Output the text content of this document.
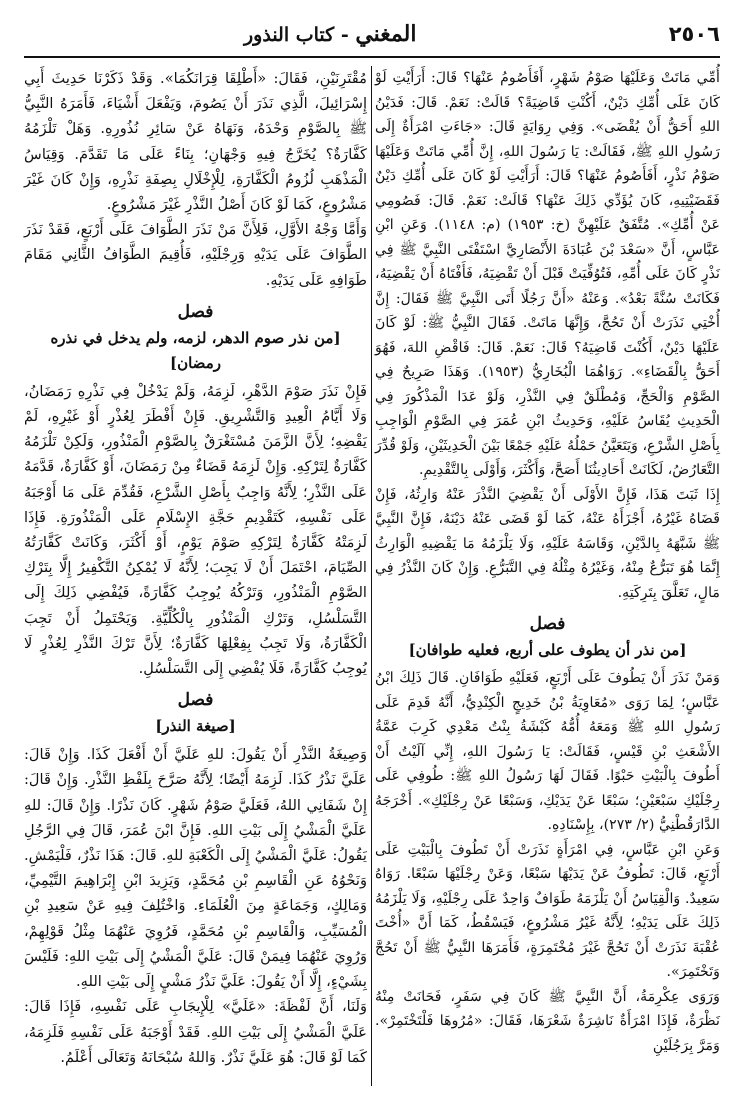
٢٥٠٦
المغني - كتاب النذور

أُمِّي مَاتَتْ وَعَلَيْهَا صَوْمُ شَهْرٍ، أَفَأَصُومُ عَنْهَا؟ قَالَ: أَرَأَيْتِ لَوْ كَانَ عَلَى أُمِّكِ دَيْنٌ، أَكُنْتِ قَاضِيَةً؟ قَالَتْ: نَعَمْ. قَالَ: فَدَيْنُ اللهِ أَحَقُّ أَنْ يُقْضَى». وَفِي رِوَايَةٍ قَالَ: «جَاءَتِ امْرَأَةٌ إِلَى رَسُولِ اللهِ ﷺ، فَقَالَتْ: يَا رَسُولَ اللهِ، إِنَّ أُمِّي مَاتَتْ وَعَلَيْهَا صَوْمُ نَذْرٍ، أَفَأَصُومُ عَنْهَا؟ قَالَ: أَرَأَيْتِ لَوْ كَانَ عَلَى أُمِّكِ دَيْنٌ فَقَضَيْتِيهِ، كَانَ يُؤَدِّي ذَلِكَ عَنْهَا؟ قَالَتْ: نَعَمْ. قَالَ: فَصُومِي عَنْ أُمِّكِ». مُتَّفَقٌ عَلَيْهِنَّ (خ: ١٩٥٣) (م: ١١٤٨). وَعَنِ ابْنِ عَبَّاسٍ، أَنَّ «سَعْدَ بْنَ عُبَادَةَ الأَنْصَارِيَّ اسْتَفْتَى النَّبِيَّ ﷺ فِي نَذْرٍ كَانَ عَلَى أُمِّهِ، فَتُوُفِّيَتْ قَبْلَ أَنْ تَقْضِيَهُ، فَأَفْتَاهُ أَنْ يَقْضِيَهُ، فَكَانَتْ سُنَّةً بَعْدُ». وَعَنْهُ «أَنَّ رَجُلًا أَتَى النَّبِيَّ ﷺ فَقَالَ: إِنَّ أُخْتِي نَذَرَتْ أَنْ تَحُجَّ، وَإِنَّهَا مَاتَتْ. فَقَالَ النَّبِيُّ ﷺ: لَوْ كَانَ عَلَيْهَا دَيْنٌ، أَكُنْتَ قَاضِيَهُ؟ قَالَ: نَعَمْ. قَالَ: فَاقْضِ اللهَ، فَهُوَ أَحَقُّ بِالْقَضَاءِ». رَوَاهُمَا الْبُخَارِيُّ (١٩٥٣). وَهَذَا صَرِيحٌ فِي الصَّوْمِ وَالْحَجِّ، وَمُطْلَقٌ فِي النَّذْرِ، وَلَوْ عَدَا الْمَذْكُورَ فِي الْحَدِيثِ يُقَاسُ عَلَيْهِ، وَحَدِيثُ ابْنِ عُمَرَ فِي الصَّوْمِ الْوَاجِبِ بِأَصْلِ الشَّرْعِ، وَيَتَعَيَّنُ حَمْلُهُ عَلَيْهِ جَمْعًا بَيْنَ الْحَدِيثَيْنِ، وَلَوْ قُدِّرَ التَّعَارُضُ، لَكَانَتْ أَحَادِيثُنَا أَصَحَّ، وَأَكْثَرَ، وَأَوْلَى بِالتَّقْدِيمِ.

إِذَا ثَبَتَ هَذَا، فَإِنَّ الأَوْلَى أَنْ يَقْضِيَ النَّذْرَ عَنْهُ وَارِثُهُ، فَإِنْ قَضَاهُ غَيْرُهُ، أَجْزَأَهُ عَنْهُ، كَمَا لَوْ قَضَى عَنْهُ دَيْنَهُ، فَإِنَّ النَّبِيَّ ﷺ شَبَّهَهُ بِالدَّيْنِ، وَقَاسَهُ عَلَيْهِ، وَلَا يَلْزَمُهُ مَا يَقْضِيهِ الْوَارِثُ إِنَّمَا هُوَ تَبَرُّعٌ مِنْهُ، وَغَيْرُهُ مِثْلُهُ فِي التَّبَرُّعِ. وَإِنْ كَانَ النَّذْرُ فِي مَالٍ، تَعَلَّقَ بِتَرِكَتِهِ.

فصل
[من نذر أن يطوف على أربع، فعليه طوافان]

وَمَنْ نَذَرَ أَنْ يَطُوفَ عَلَى أَرْبَعٍ، فَعَلَيْهِ طَوَافَانِ. قَالَ ذَلِكَ ابْنُ عَبَّاسٍ؛ لِمَا رَوَى «مُعَاوِيَةُ بْنُ خَدِيجٍ الْكِنْدِيُّ، أَنَّهُ قَدِمَ عَلَى رَسُولِ اللهِ ﷺ وَمَعَهُ أُمُّهُ كَبْشَةُ بِنْتُ مَعْدِي كَرِبَ عَمَّةُ الأَشْعَثِ بْنِ قَيْسٍ، فَقَالَتْ: يَا رَسُولَ اللهِ، إِنِّي آلَيْتُ أَنْ أَطُوفَ بِالْبَيْتِ حَبْوًا. فَقَالَ لَهَا رَسُولُ اللهِ ﷺ: طُوفِي عَلَى رِجْلَيْكِ سَبْعَيْنِ؛ سَبْعًا عَنْ يَدَيْكِ، وَسَبْعًا عَنْ رِجْلَيْكِ». أَخْرَجَهُ الدَّارَقُطْنِيُّ (٢/ ٢٧٣)، بِإِسْنَادِهِ.

وَعَنِ ابْنِ عَبَّاسٍ، فِي امْرَأَةٍ نَذَرَتْ أَنْ تَطُوفَ بِالْبَيْتِ عَلَى أَرْبَعٍ، قَالَ: تَطُوفُ عَنْ يَدَيْهَا سَبْعًا، وَعَنْ رِجْلَيْهَا سَبْعًا. رَوَاهُ سَعِيدٌ. وَالْقِيَاسُ أَنْ يَلْزَمَهُ طَوَافٌ وَاحِدٌ عَلَى رِجْلَيْهِ، وَلَا يَلْزَمُهُ ذَلِكَ عَلَى يَدَيْهِ؛ لِأَنَّهُ غَيْرُ مَشْرُوعٍ، فَيَسْقُطُ، كَمَا أَنَّ «أُخْتَ عُقْبَةَ نَذَرَتْ أَنْ تَحُجَّ غَيْرَ مُخْتَمِرَةٍ، فَأَمَرَهَا النَّبِيُّ ﷺ أَنْ تَحُجَّ وَتَخْتَمِرَ».

وَرَوَى عِكْرِمَةُ، أَنَّ النَّبِيَّ ﷺ كَانَ فِي سَفَرٍ، فَحَانَتْ مِنْهُ نَظْرَةٌ، فَإِذَا امْرَأَةٌ نَاشِرَةٌ شَعْرَهَا، فَقَالَ: «مُرُوهَا فَلْتَخْتَمِرْ». وَمَرَّ بِرَجُلَيْنِ

مُقْتَرِنَيْنِ، فَقَالَ: «أَطْلِقَا قِرَانَكُمَا». وَقَدْ ذَكَرْنَا حَدِيثَ أَبِي إِسْرَائِيلَ، الَّذِي نَذَرَ أَنْ يَصُومَ، وَيَفْعَلَ أَشْيَاءَ، فَأَمَرَهُ النَّبِيُّ ﷺ بِالصَّوْمِ وَحْدَهُ، وَنَهَاهُ عَنْ سَائِرِ نُذُورِهِ. وَهَلْ تَلْزَمُهُ كَفَّارَةٌ؟ يُخَرَّجُ فِيهِ وَجْهَانِ؛ بِنَاءً عَلَى مَا تَقَدَّمَ. وَقِيَاسُ الْمَذْهَبِ لُزُومُ الْكَفَّارَةِ، لِلْإِخْلَالِ بِصِفَةِ نَذْرِهِ، وَإِنْ كَانَ غَيْرَ مَشْرُوعٍ، كَمَا لَوْ كَانَ أَصْلُ النَّذْرِ غَيْرَ مَشْرُوعٍ.

وَأَمَّا وَجْهُ الأَوَّلِ، فَلِأَنَّ مَنْ نَذَرَ الطَّوَافَ عَلَى أَرْبَعٍ، فَقَدْ نَذَرَ الطَّوَافَ عَلَى يَدَيْهِ وَرِجْلَيْهِ، فَأُقِيمَ الطَّوَافُ الثَّانِي مَقَامَ طَوَافِهِ عَلَى يَدَيْهِ.

فصل
[من نذر صوم الدهر، لزمه، ولم يدخل في نذره رمضان]

فَإِنْ نَذَرَ صَوْمَ الدَّهْرِ، لَزِمَهُ، وَلَمْ يَدْخُلْ فِي نَذْرِهِ رَمَضَانُ، وَلَا أَيَّامُ الْعِيدِ وَالتَّشْرِيقِ. فَإِنْ أَفْطَرَ لِعُذْرٍ أَوْ غَيْرِهِ، لَمْ يَقْضِهِ؛ لِأَنَّ الزَّمَنَ مُسْتَغْرَقٌ بِالصَّوْمِ الْمَنْذُورِ، وَلَكِنْ تَلْزَمُهُ كَفَّارَةٌ لِتَرْكِهِ. وَإِنْ لَزِمَهُ قَضَاءٌ مِنْ رَمَضَانَ، أَوْ كَفَّارَةٌ، قَدَّمَهُ عَلَى النَّذْرِ؛ لِأَنَّهُ وَاجِبٌ بِأَصْلِ الشَّرْعِ، فَقُدِّمَ عَلَى مَا أَوْجَبَهُ عَلَى نَفْسِهِ، كَتَقْدِيمِ حَجَّةِ الإِسْلَامِ عَلَى الْمَنْذُورَةِ. فَإِذَا لَزِمَتْهُ كَفَّارَةٌ لِتَرْكِهِ صَوْمَ يَوْمٍ، أَوْ أَكْثَرَ، وَكَانَتْ كَفَّارَتُهُ الصِّيَامَ، احْتَمَلَ أَنْ لَا يَجِبَ؛ لِأَنَّهُ لَا يُمْكِنُ التَّكْفِيرُ إِلَّا بِتَرْكِ الصَّوْمِ الْمَنْذُورِ، وَتَرْكُهُ يُوجِبُ كَفَّارَةً، فَيُفْضِي ذَلِكَ إِلَى التَّسَلْسُلِ، وَتَرْكِ الْمَنْذُورِ بِالْكُلِّيَّةِ. وَيَحْتَمِلُ أَنْ تَجِبَ الْكَفَّارَةُ، وَلَا تَجِبُ بِفِعْلِهَا كَفَّارَةٌ؛ لِأَنَّ تَرْكَ النَّذْرِ لِعُذْرٍ لَا يُوجِبُ كَفَّارَةً، فَلَا يُفْضِي إِلَى التَّسَلْسُلِ.

فصل
[صيغة النذر]

وَصِيغَةُ النَّذْرِ أَنْ يَقُولَ: للهِ عَلَيَّ أَنْ أَفْعَلَ كَذَا. وَإِنْ قَالَ: عَلَيَّ نَذْرُ كَذَا. لَزِمَهُ أَيْضًا؛ لِأَنَّهُ صَرَّحَ بِلَفْظِ النَّذْرِ. وَإِنْ قَالَ: إِنْ شَفَانِي اللهُ، فَعَلَيَّ صَوْمُ شَهْرٍ. كَانَ نَذْرًا. وَإِنْ قَالَ: للهِ عَلَيَّ الْمَشْيُ إِلَى بَيْتِ اللهِ. فَإِنَّ ابْنَ عُمَرَ، قَالَ فِي الرَّجُلِ يَقُولُ: عَلَيَّ الْمَشْيُ إِلَى الْكَعْبَةِ للهِ. قَالَ: هَذَا نَذْرٌ، فَلْيَمْشِ. وَنَحْوُهُ عَنِ الْقَاسِمِ بْنِ مُحَمَّدٍ، وَيَزِيدَ ابْنِ إِبْرَاهِيمَ التَّيْمِيِّ، وَمَالِكٍ، وَجَمَاعَةٍ مِنَ الْعُلَمَاءِ. وَاخْتُلِفَ فِيهِ عَنْ سَعِيدِ بْنِ الْمُسَيِّبِ، وَالْقَاسِمِ بْنِ مُحَمَّدٍ، فَرُوِيَ عَنْهُمَا مِثْلُ قَوْلِهِمْ، وَرُوِيَ عَنْهُمَا فِيمَنْ قَالَ: عَلَيَّ الْمَشْيُ إِلَى بَيْتِ اللهِ: فَلَيْسَ بِشَيْءٍ، إِلَّا أَنْ يَقُولَ: عَلَيَّ نَذْرُ مَشْيٍ إِلَى بَيْتِ اللهِ.

وَلَنَا، أَنَّ لَفْظَةَ: «عَلَيَّ» لِلْإِيجَابِ عَلَى نَفْسِهِ، فَإِذَا قَالَ: عَلَيَّ الْمَشْيُ إِلَى بَيْتِ اللهِ. فَقَدْ أَوْجَبَهُ عَلَى نَفْسِهِ فَلَزِمَهُ، كَمَا لَوْ قَالَ: هُوَ عَلَيَّ نَذْرٌ. وَاللهُ سُبْحَانَهُ وَتَعَالَى أَعْلَمُ.
